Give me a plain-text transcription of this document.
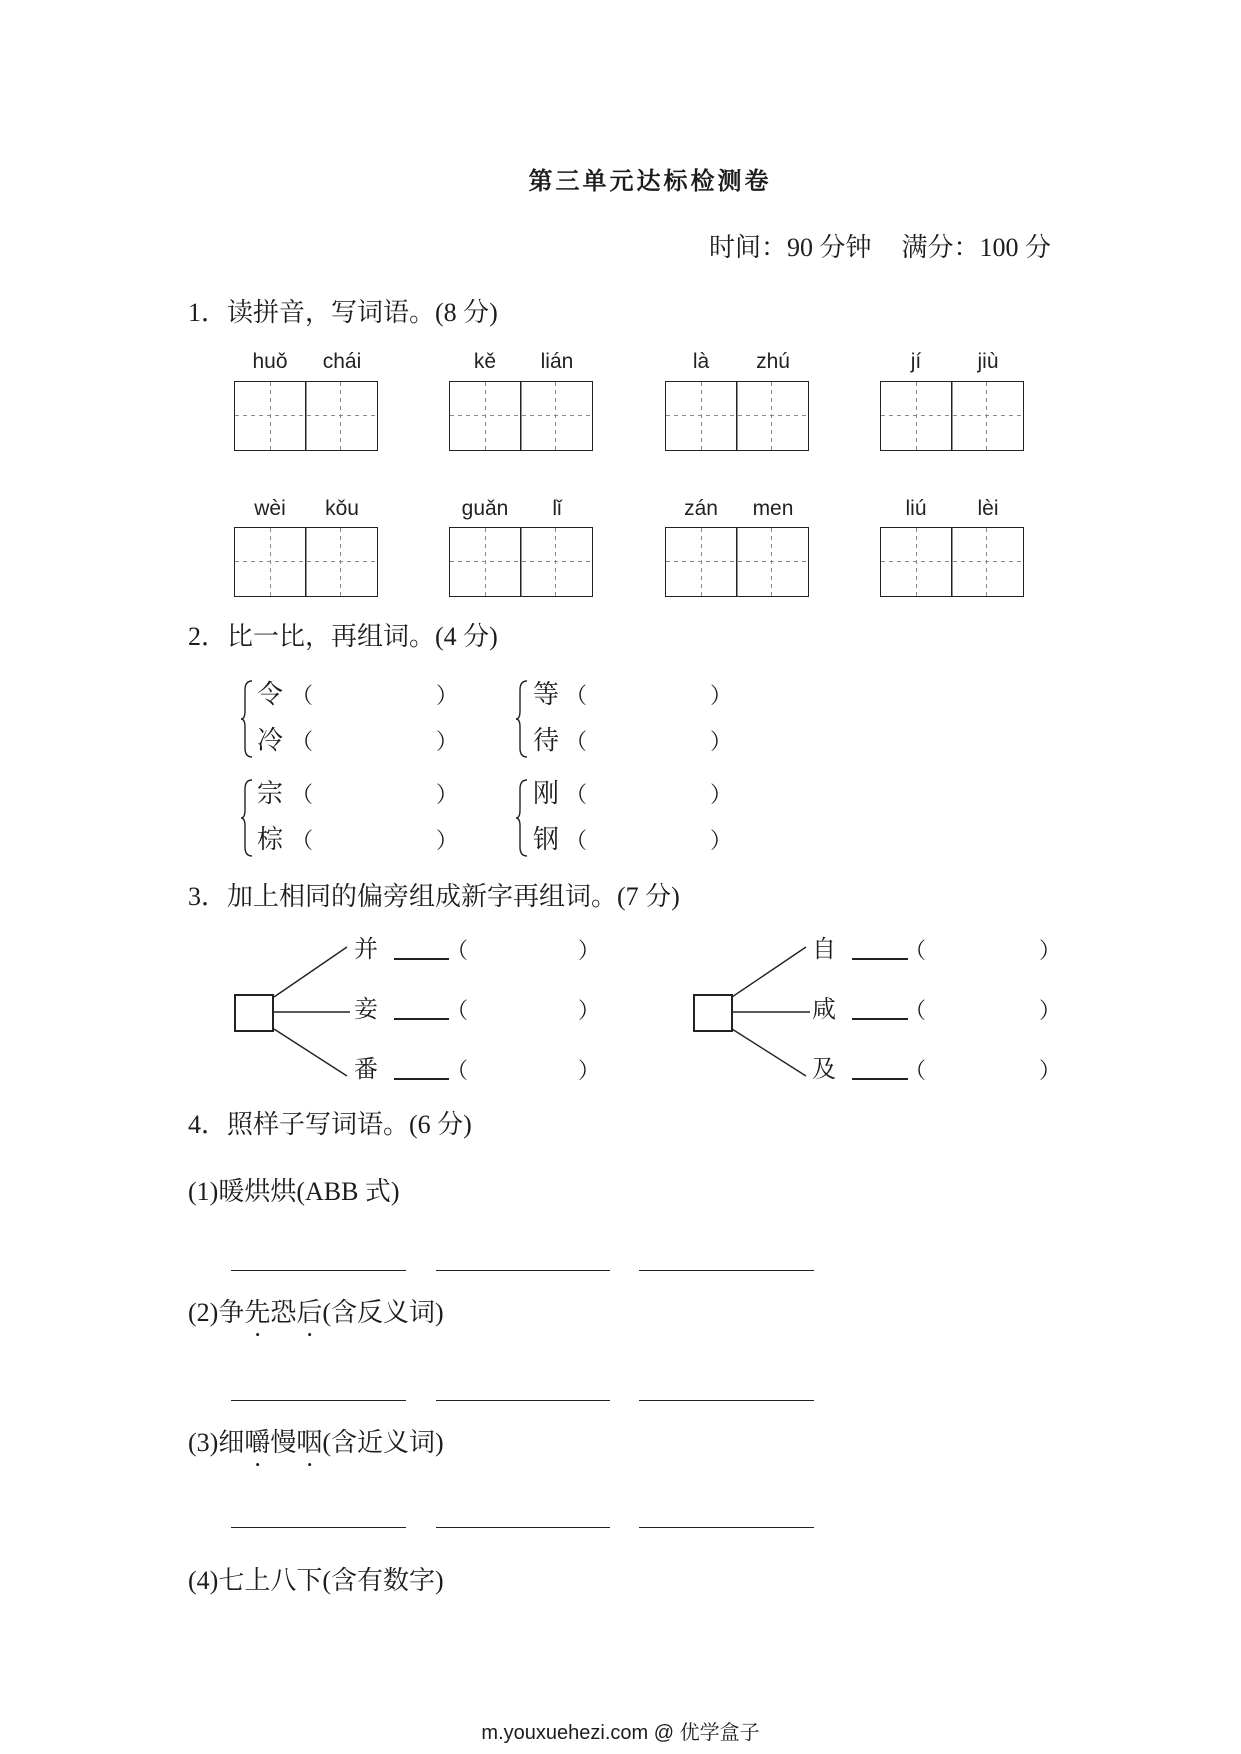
第三单元达标检测卷
时间：90 分钟 满分：100 分
1．读拼音，写词语。(8 分)
huǒ	chái	kě	lián	là	zhú	jí	jiù
wèi	kǒu	guǎn	lǐ	zán	men	liú	lèi
2．比一比，再组词。(4 分)
令 （	）
冷 （	）
等 （	）
待 （	）
宗 （	）
棕 （	）
刚 （	）
钢 （	）
3．加上相同的偏旁组成新字再组词。(7 分)
并	（	）
妾	（	）
番	（	）
自	（	）
咸	（	）
及	（	）
4．照样子写词语。(6 分)
(1)暖烘烘(ABB 式)
(2)争先恐后(含反义词)
(3)细嚼慢咽(含近义词)
(4)七上八下(含有数字)
m.youxuehezi.com @ 优学盒子
